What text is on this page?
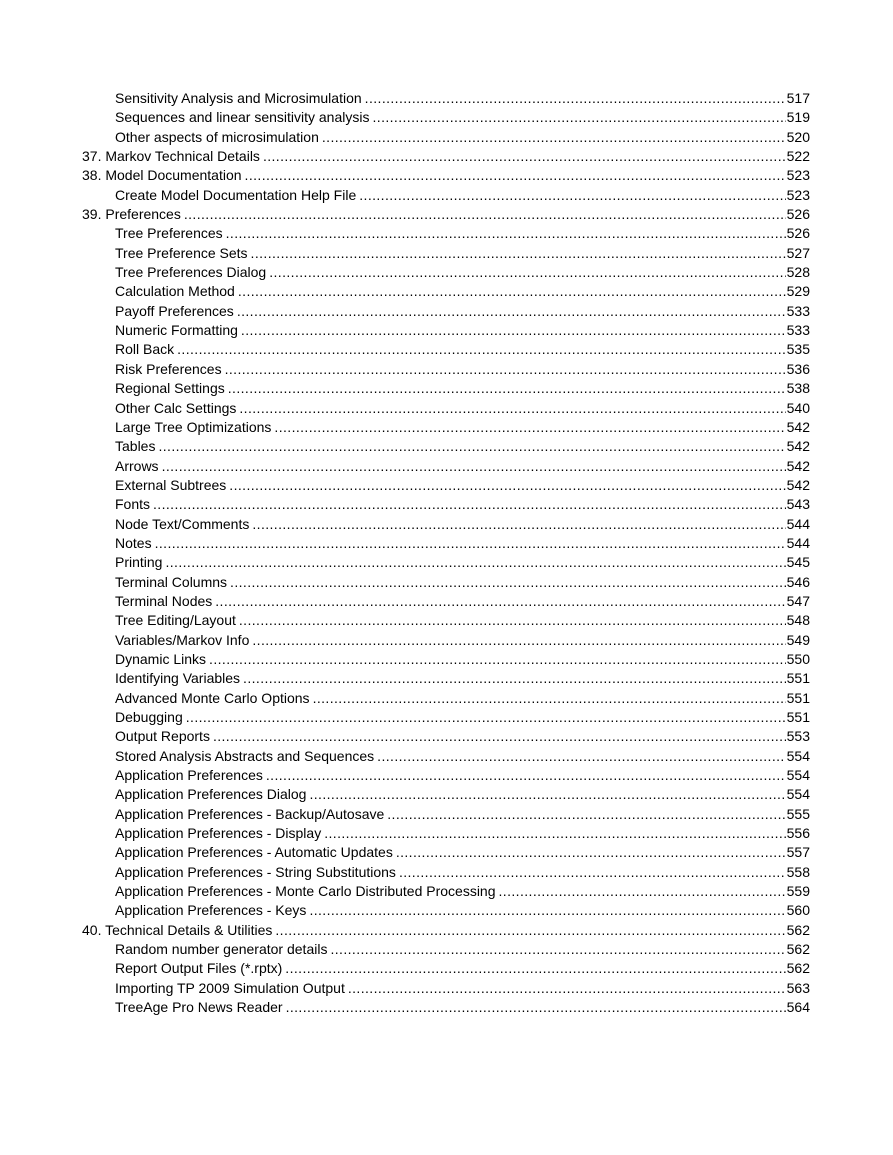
Sensitivity Analysis and Microsimulation .....	517
Sequences and linear sensitivity analysis .....	519
Other aspects of microsimulation .....	520
37. Markov Technical Details .....	522
38. Model Documentation .....	523
Create Model Documentation Help File .....	523
39. Preferences .....	526
Tree Preferences .....	526
Tree Preference Sets .....	527
Tree Preferences Dialog .....	528
Calculation Method .....	529
Payoff Preferences .....	533
Numeric Formatting .....	533
Roll Back .....	535
Risk Preferences .....	536
Regional Settings .....	538
Other Calc Settings .....	540
Large Tree Optimizations .....	542
Tables .....	542
Arrows .....	542
External Subtrees .....	542
Fonts .....	543
Node Text/Comments .....	544
Notes .....	544
Printing .....	545
Terminal Columns .....	546
Terminal Nodes .....	547
Tree Editing/Layout .....	548
Variables/Markov Info .....	549
Dynamic Links .....	550
Identifying Variables .....	551
Advanced Monte Carlo Options .....	551
Debugging .....	551
Output Reports .....	553
Stored Analysis Abstracts and Sequences .....	554
Application Preferences .....	554
Application Preferences Dialog .....	554
Application Preferences - Backup/Autosave .....	555
Application Preferences - Display .....	556
Application Preferences - Automatic Updates .....	557
Application Preferences - String Substitutions .....	558
Application Preferences - Monte Carlo Distributed Processing .....	559
Application Preferences - Keys .....	560
40. Technical Details & Utilities .....	562
Random number generator details .....	562
Report Output Files (*.rptx) .....	562
Importing TP 2009 Simulation Output .....	563
TreeAge Pro News Reader .....	564
